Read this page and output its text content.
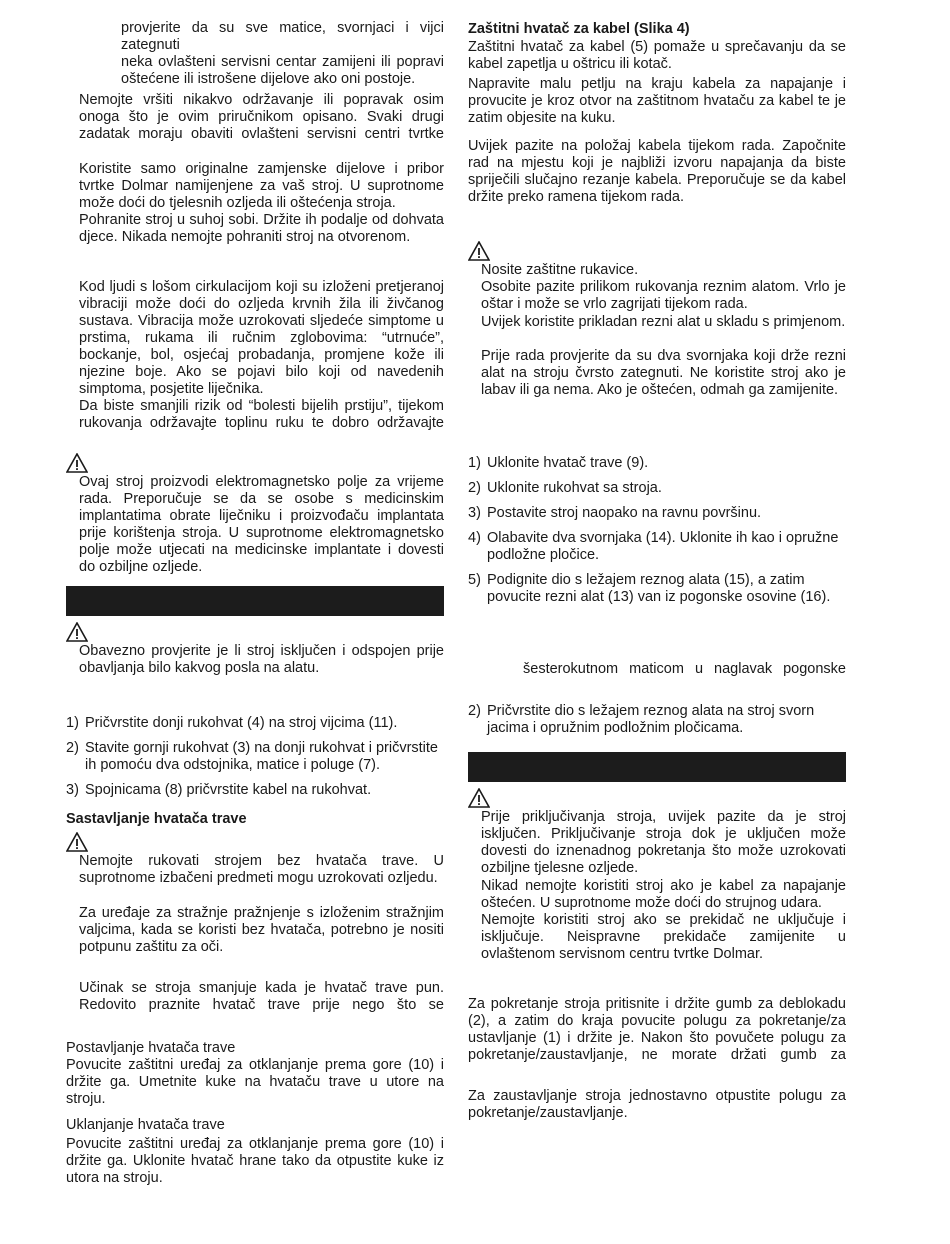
provjerite da su sve matice, svornjaci i vijci zategnuti
neka ovlašteni servisni centar zamijeni ili popravi oštećene ili istrošene dijelove ako oni postoje.
Nemojte vršiti nikakvo održavanje ili popravak osim onoga što je ovim priručnikom opisano. Svaki drugi zadatak moraju obaviti ovlašteni servisni centri tvrtke
Koristite samo originalne zamjenske dijelove i pribor tvrtke Dolmar namijenjene za vaš stroj. U suprotnome može doći do tjelesnih ozljeda ili oštećenja stroja.
Pohranite stroj u suhoj sobi. Držite ih podalje od dohvata djece. Nikada nemojte pohraniti stroj na otvorenom.
Kod ljudi s lošom cirkulacijom koji su izloženi pretjeranoj vibraciji može doći do ozljeda krvnih žila ili živčanog sustava. Vibracija može uzrokovati sljedeće simptome u prstima, rukama ili ručnim zglobovima: “utrnuće”, bockanje, bol, osjećaj probadanja, promjene kože ili njezine boje. Ako se pojavi bilo koji od navedenih simptoma, posjetite liječnika.
Da biste smanjili rizik od “bolesti bijelih prstiju”, tijekom rukovanja održavajte toplinu ruku te dobro održavajte
Ovaj stroj proizvodi elektromagnetsko polje za vrijeme rada. Preporučuje se da se osobe s medicinskim implantatima obrate liječniku i proizvođaču implantata prije korištenja stroja. U suprotnome elektromagnetsko polje može utjecati na medicinske implantate i dovesti do ozbiljne ozljede.
Obavezno provjerite je li stroj isključen i odspojen prije obavljanja bilo kakvog posla na alatu.
1) Pričvrstite donji rukohvat (4) na stroj vijcima (11).
2) Stavite gornji rukohvat (3) na donji rukohvat i pričvrstite ih pomoću dva odstojnika, matice i poluge (7).
3) Spojnicama (8) pričvrstite kabel na rukohvat.
Sastavljanje hvatača trave
Nemojte rukovati strojem bez hvatača trave. U suprotnome izbačeni predmeti mogu uzrokovati ozljedu.
Za uređaje za stražnje pražnjenje s izloženim stražnjim valjcima, kada se koristi bez hvatača, potrebno je nositi potpunu zaštitu za oči.
Učinak se stroja smanjuje kada je hvatač trave pun. Redovito praznite hvatač trave prije nego što se
Postavljanje hvatača trave
Povucite zaštitni uređaj za otklanjanje prema gore (10) i držite ga. Umetnite kuke na hvataču trave u utore na stroju.
Uklanjanje hvatača trave
Povucite zaštitni uređaj za otklanjanje prema gore (10) i držite ga. Uklonite hvatač hrane tako da otpustite kuke iz utora na stroju.
Zaštitni hvatač za kabel (Slika 4)
Zaštitni hvatač za kabel (5) pomaže u sprečavanju da se kabel zapetlja u oštricu ili kotač.
Napravite malu petlju na kraju kabela za napajanje i provucite je kroz otvor na zaštitnom hvataču za kabel te je zatim objesite na kuku.
Uvijek pazite na položaj kabela tijekom rada. Započnite rad na mjestu koji je najbliži izvoru napajanja da biste spriječili slučajno rezanje kabela. Preporučuje se da kabel držite preko ramena tijekom rada.
Nosite zaštitne rukavice.
Osobite pazite prilikom rukovanja reznim alatom. Vrlo je oštar i može se vrlo zagrijati tijekom rada.
Uvijek koristite prikladan rezni alat u skladu s primjenom.
Prije rada provjerite da su dva svornjaka koji drže rezni alat na stroju čvrsto zategnuti. Ne koristite stroj ako je labav ili ga nema. Ako je oštećen, odmah ga zamijenite.
1) Uklonite hvatač trave (9).
2) Uklonite rukohvat sa stroja.
3) Postavite stroj naopako na ravnu površinu.
4) Olabavite dva svornjaka (14). Uklonite ih kao i opružne podložne pločice.
5) Podignite dio s ležajem reznog alata (15), a zatim povucite rezni alat (13) van iz pogonske osovine (16).
šesterokutnom maticom u naglavak pogonske
2) Pričvrstite dio s ležajem reznog alata na stroj svorn jacima i opružnim podložnim pločicama.
Prije priključivanja stroja, uvijek pazite da je stroj isključen. Priključivanje stroja dok je uključen može dovesti do iznenadnog pokretanja što može uzrokovati ozbiljne tjelesne ozljede.
Nikad nemojte koristiti stroj ako je kabel za napajanje oštećen. U suprotnome može doći do strujnog udara.
Nemojte koristiti stroj ako se prekidač ne uključuje i isključuje. Neispravne prekidače zamijenite u ovlaštenom servisnom centru tvrtke Dolmar.
Za pokretanje stroja pritisnite i držite gumb za deblokadu (2), a zatim do kraja povucite polugu za pokretanje/za ustavljanje (1) i držite je. Nakon što povučete polugu za pokretanje/zaustavljanje, ne morate držati gumb za
Za zaustavljanje stroja jednostavno otpustite polugu za pokretanje/zaustavljanje.
